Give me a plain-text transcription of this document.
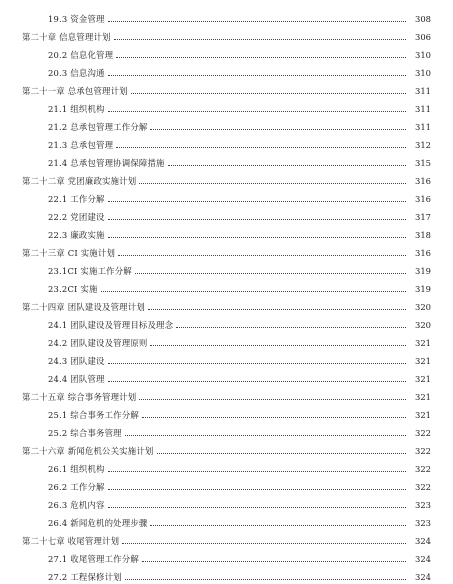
19.3 资金管理	308
第二十章 信息管理计划	306
20.2 信息化管理	310
20.3 信息沟通	310
第二十一章 总承包管理计划	311
21.1 组织机构	311
21.2 总承包管理工作分解	311
21.3 总承包管理	312
21.4 总承包管理协调保障措施	315
第二十二章 党团廉政实施计划	316
22.1 工作分解	316
22.2 党团建设	317
22.3 廉政实施	318
第二十三章 CI 实施计划	316
23.1CI 实施工作分解	319
23.2CI 实施	319
第二十四章 团队建设及管理计划	320
24.1 团队建设及管理目标及理念	320
24.2 团队建设及管理原则	321
24.3 团队建设	321
24.4 团队管理	321
第二十五章 综合事务管理计划	321
25.1 综合事务工作分解	321
25.2 综合事务管理	322
第二十六章 新闻危机公关实施计划	322
26.1 组织机构	322
26.2 工作分解	322
26.3 危机内容	323
26.4 新闻危机的处理步骤	323
第二十七章 收尾管理计划	324
27.1 收尾管理工作分解	324
27.2 工程保修计划	324
